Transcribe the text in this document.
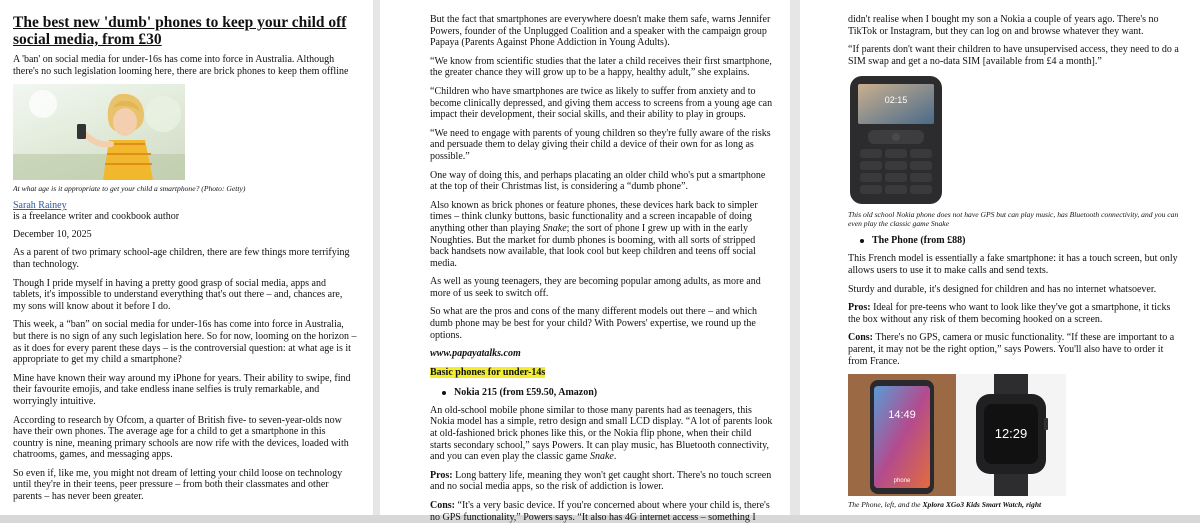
The best new 'dumb' phones to keep your child off social media, from £30

A 'ban' on social media for under-16s has come into force in Australia. Although there's no such legislation looming here, there are brick phones to keep them offline

At what age is it appropriate to get your child a smartphone? (Photo: Getty)
Sarah Rainey

is a freelance writer and cookbook author

December 10, 2025

As a parent of two primary school-age children, there are few things more terrifying than technology.

Though I pride myself in having a pretty good grasp of social media, apps and tablets, it's impossible to understand everything that's out there – and, chances are, my sons will know about it before I do.

This week, a “ban” on social media for under-16s has come into force in Australia, but there is no sign of any such legislation here. So for now, looming on the horizon – as it does for every parent these days – is the controversial question: at what age is it appropriate to get my child a smartphone?

Mine have known their way around my iPhone for years. Their ability to swipe, find their favourite emojis, and take endless inane selfies is truly remarkable, and worryingly intuitive.

According to research by Ofcom, a quarter of British five- to seven-year-olds now have their own phones. The average age for a child to get a smartphone in this country is nine, meaning primary schools are now rife with the devices, loaded with chatrooms, games, and messaging apps.

So even if, like me, you might not dream of letting your child loose on technology until they're in their teens, peer pressure – from both their classmates and other parents – has never been greater.

But the fact that smartphones are everywhere doesn't make them safe, warns Jennifer Powers, founder of the Unplugged Coalition and a speaker with the campaign group Papaya (Parents Against Phone Addiction in Young Adults).

“We know from scientific studies that the later a child receives their first smartphone, the greater chance they will grow up to be a happy, healthy adult,” she explains.

“Children who have smartphones are twice as likely to suffer from anxiety and to become clinically depressed, and giving them access to screens from a young age can impact their development, their social skills, and their ability to play in groups.

“We need to engage with parents of young children so they're fully aware of the risks and persuade them to delay giving their child a device of their own for as long as possible.”

One way of doing this, and perhaps placating an older child who's put a smartphone at the top of their Christmas list, is considering a “dumb phone”.

Also known as brick phones or feature phones, these devices hark back to simpler times – think clunky buttons, basic functionality and a screen incapable of doing anything other than playing Snake; the sort of phone I grew up with in the early Noughties. But the market for dumb phones is booming, with all sorts of stripped back handsets now available, that look cool but keep children and teens off social media.

As well as young teenagers, they are becoming popular among adults, as more and more of us seek to switch off.

So what are the pros and cons of the many different models out there – and which dumb phone may be best for your child? With Powers' expertise, we round up the options.

www.papayatalks.com

Basic phones for under-14s

Nokia 215 (from £59.50, Amazon)

An old-school mobile phone similar to those many parents had as teenagers, this Nokia model has a simple, retro design and small LCD display. “A lot of parents look at old-fashioned brick phones like this, or the Nokia flip phone, when their child starts secondary school,” says Powers. It can play music, has Bluetooth connectivity, and you can even play the classic game Snake.

Pros: Long battery life, meaning they won't get caught short. There's no touch screen and no social media apps, so the risk of addiction is lower.

Cons: “It's a very basic device. If you're concerned about where your child is, there's no GPS functionality,” Powers says. “It also has 4G internet access – something I

didn't realise when I bought my son a Nokia a couple of years ago. There's no TikTok or Instagram, but they can log on and browse whatever they want.

“If parents don't want their children to have unsupervised access, they need to do a SIM swap and get a no-data SIM [available from £4 a month].”

02:15
This old school Nokia phone does not have GPS but can play music, has Bluetooth connectivity, and you can even play the classic game Snake
The Phone (from £88)

This French model is essentially a fake smartphone: it has a touch screen, but only allows users to use it to make calls and send texts.

Sturdy and durable, it's designed for children and has no internet whatsoever.

Pros: Ideal for pre-teens who want to look like they've got a smartphone, it ticks the box without any risk of them becoming hooked on a screen.

Cons: There's no GPS, camera or music functionality. “If these are important to a parent, it may not be the right option,” says Powers. You'll also have to order it from France.

14:49
phone
12:29
The Phone, left, and the Xplora XGo3 Kids Smart Watch, right
